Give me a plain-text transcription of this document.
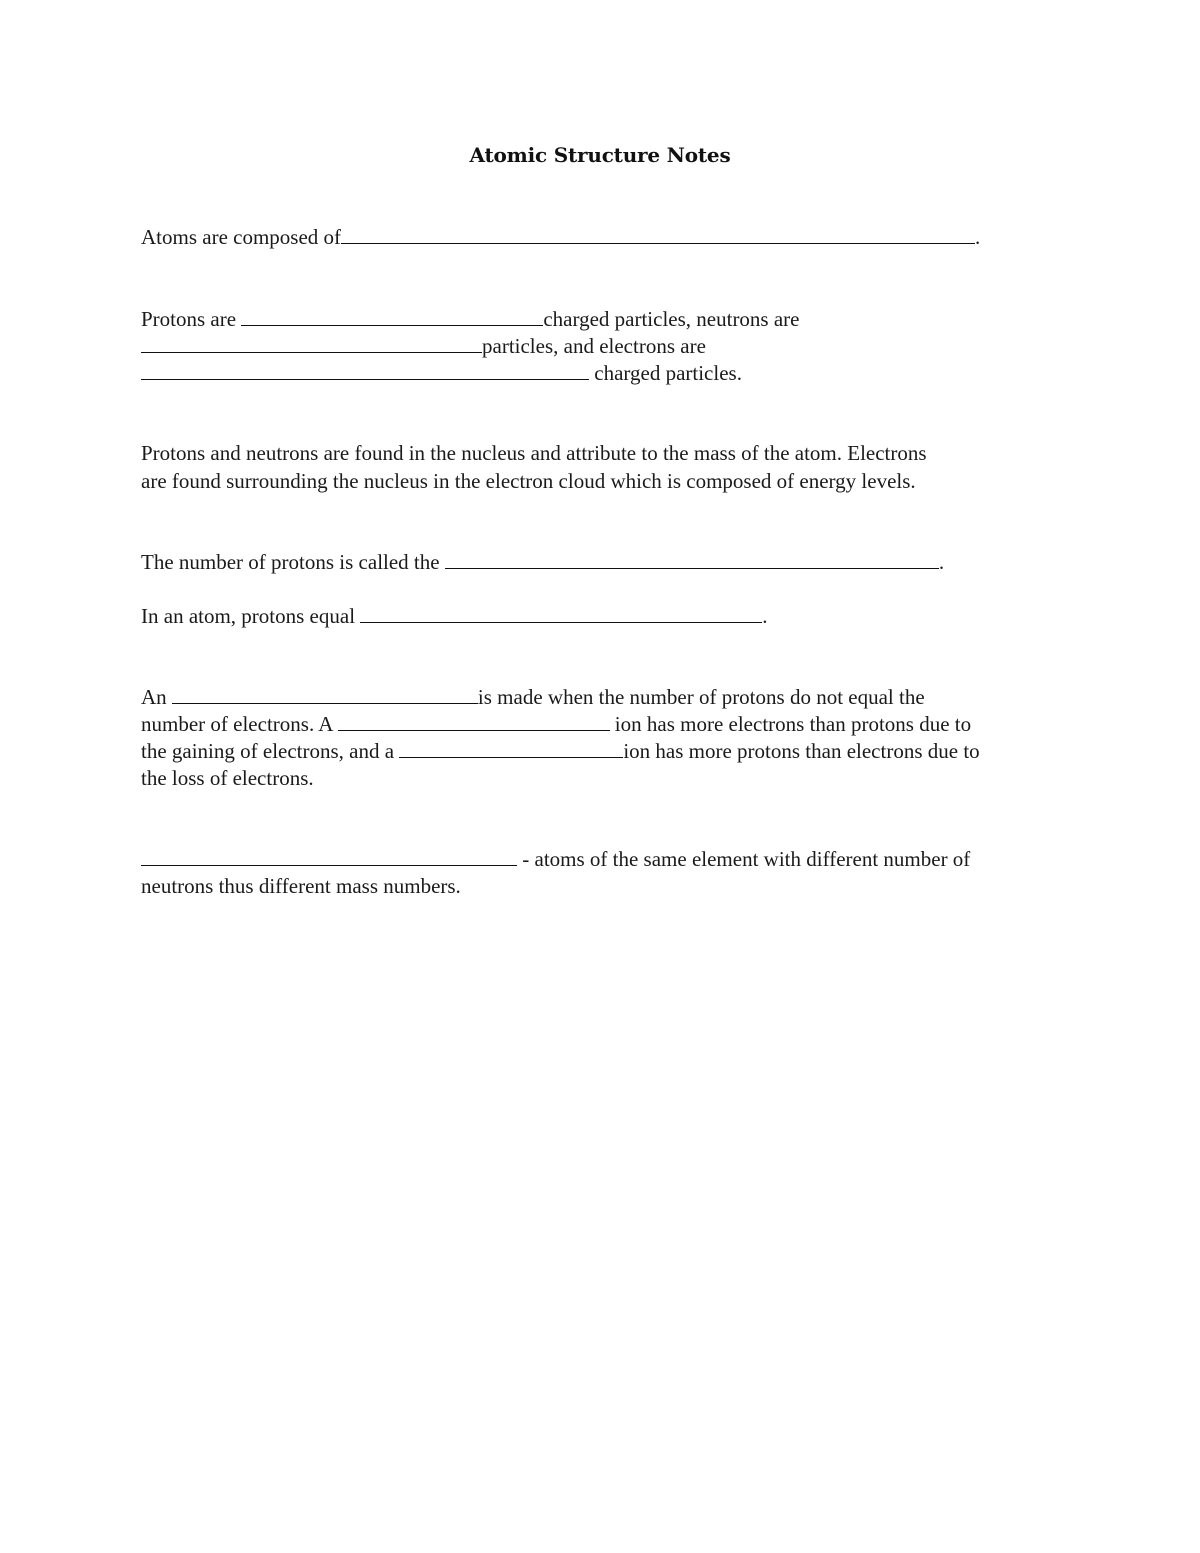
Atomic Structure Notes
Atoms are composed of	.
Protons are	charged particles, neutrons are
particles, and electrons are
charged particles.
Protons and neutrons are found in the nucleus and attribute to the mass of the atom. Electrons
are found surrounding the nucleus in the electron cloud which is composed of energy levels.
The number of protons is called the	.
In an atom, protons equal	.
An	is made when the number of protons do not equal the
number of electrons. A	ion has more electrons than protons due to
the gaining of electrons, and a	ion has more protons than electrons due to
the loss of electrons.
- atoms of the same element with different number of
neutrons thus different mass numbers.
